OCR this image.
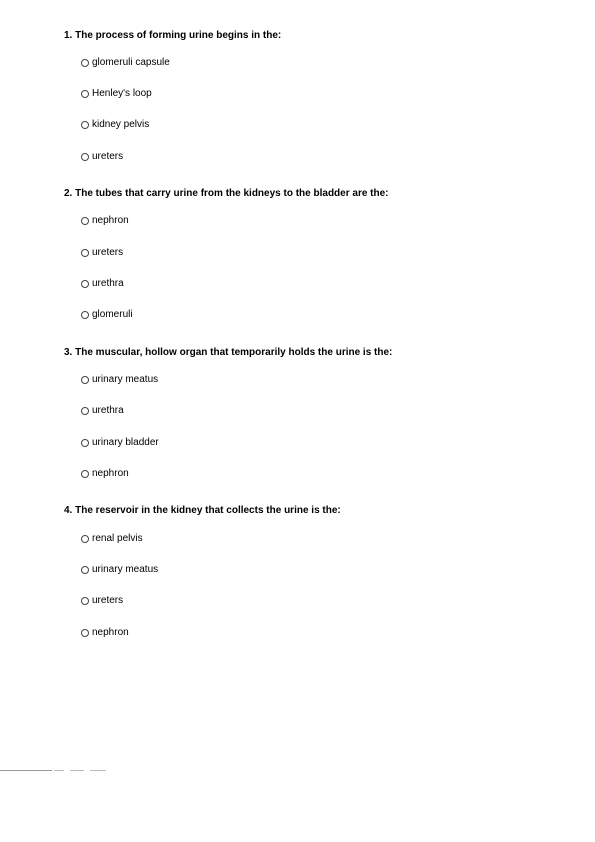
1. The process of forming urine begins in the:
glomeruli capsule
Henley's loop
kidney pelvis
ureters
2. The tubes that carry urine from the kidneys to the bladder are the:
nephron
ureters
urethra
glomeruli
3. The muscular, hollow organ that temporarily holds the urine is the:
urinary meatus
urethra
urinary bladder
nephron
4. The reservoir in the kidney that collects the urine is the:
renal pelvis
urinary meatus
ureters
nephron
